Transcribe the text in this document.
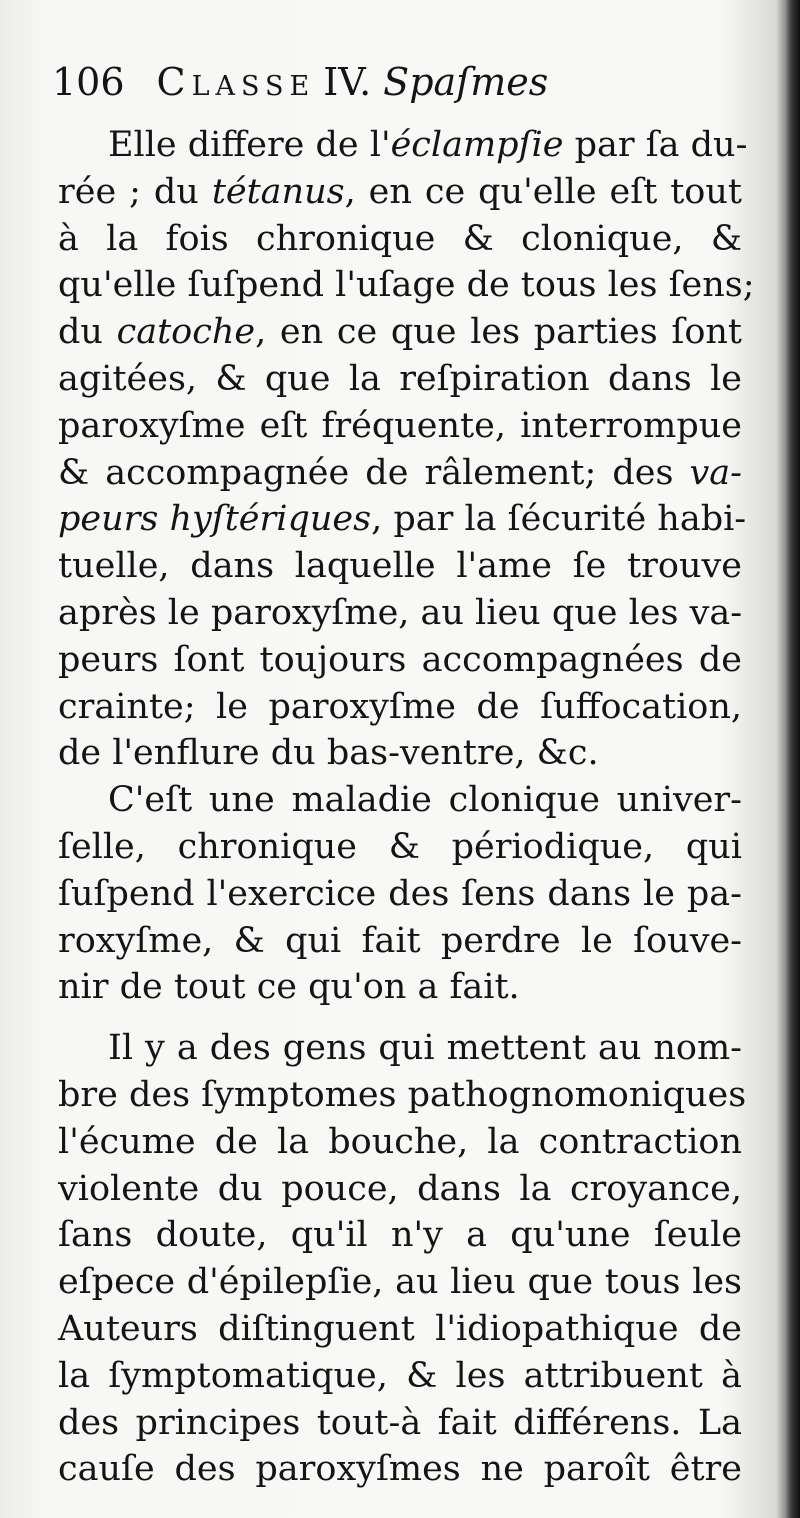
106 Classe IV. Spaſmes
Elle differe de l'éclampſie par ſa du-
rée ; du tétanus, en ce qu'elle eſt tout
à la fois chronique & clonique, &
qu'elle ſuſpend l'uſage de tous les ſens;
du catoche, en ce que les parties ſont
agitées, & que la reſpiration dans le
paroxyſme eſt fréquente, interrompue
& accompagnée de râlement; des va-
peurs hyſtériques, par la ſécurité habi-
tuelle, dans laquelle l'ame ſe trouve
après le paroxyſme, au lieu que les va-
peurs ſont toujours accompagnées de
crainte; le paroxyſme de ſuffocation,
de l'enflure du bas-ventre, &c.
C'eſt une maladie clonique univer-
ſelle, chronique & périodique, qui
ſuſpend l'exercice des ſens dans le pa-
roxyſme, & qui fait perdre le ſouve-
nir de tout ce qu'on a fait.
Il y a des gens qui mettent au nom-
bre des ſymptomes pathognomoniques
l'écume de la bouche, la contraction
violente du pouce, dans la croyance,
ſans doute, qu'il n'y a qu'une ſeule
eſpece d'épilepſie, au lieu que tous les
Auteurs diſtinguent l'idiopathique de
la ſymptomatique, & les attribuent à
des principes tout-à fait différens. La
cauſe des paroxyſmes ne paroît être
